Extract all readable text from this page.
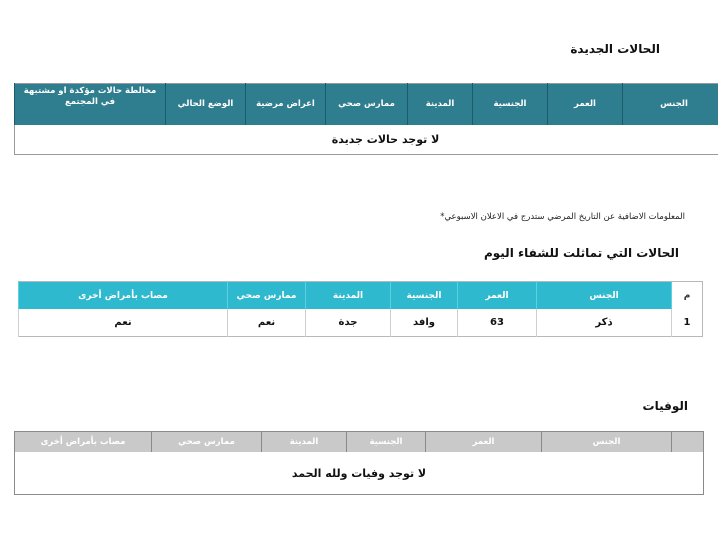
الحالات الجديدة
	الجنس	العمر	الجنسية	المدينة	ممارس صحي	اعراض مرضية	الوضع الحالي	مخالطة حالات مؤكدة او مشتبهة في المجتمع
لا توجد حالات جديدة
المعلومات الاضافية عن التاريخ المرضي ستدرج في الاعلان الاسبوعي*
الحالات التي تماثلت للشفاء اليوم
م	الجنس	العمر	الجنسية	المدينة	ممارس صحي	مصاب بأمراض أخرى
1	ذكر	63	وافد	جدة	نعم	نعم
الوفيات
	الجنس	العمر	الجنسية	المدينة	ممارس صحي	مصاب بأمراض أخرى
لا توجد وفيات ولله الحمد
